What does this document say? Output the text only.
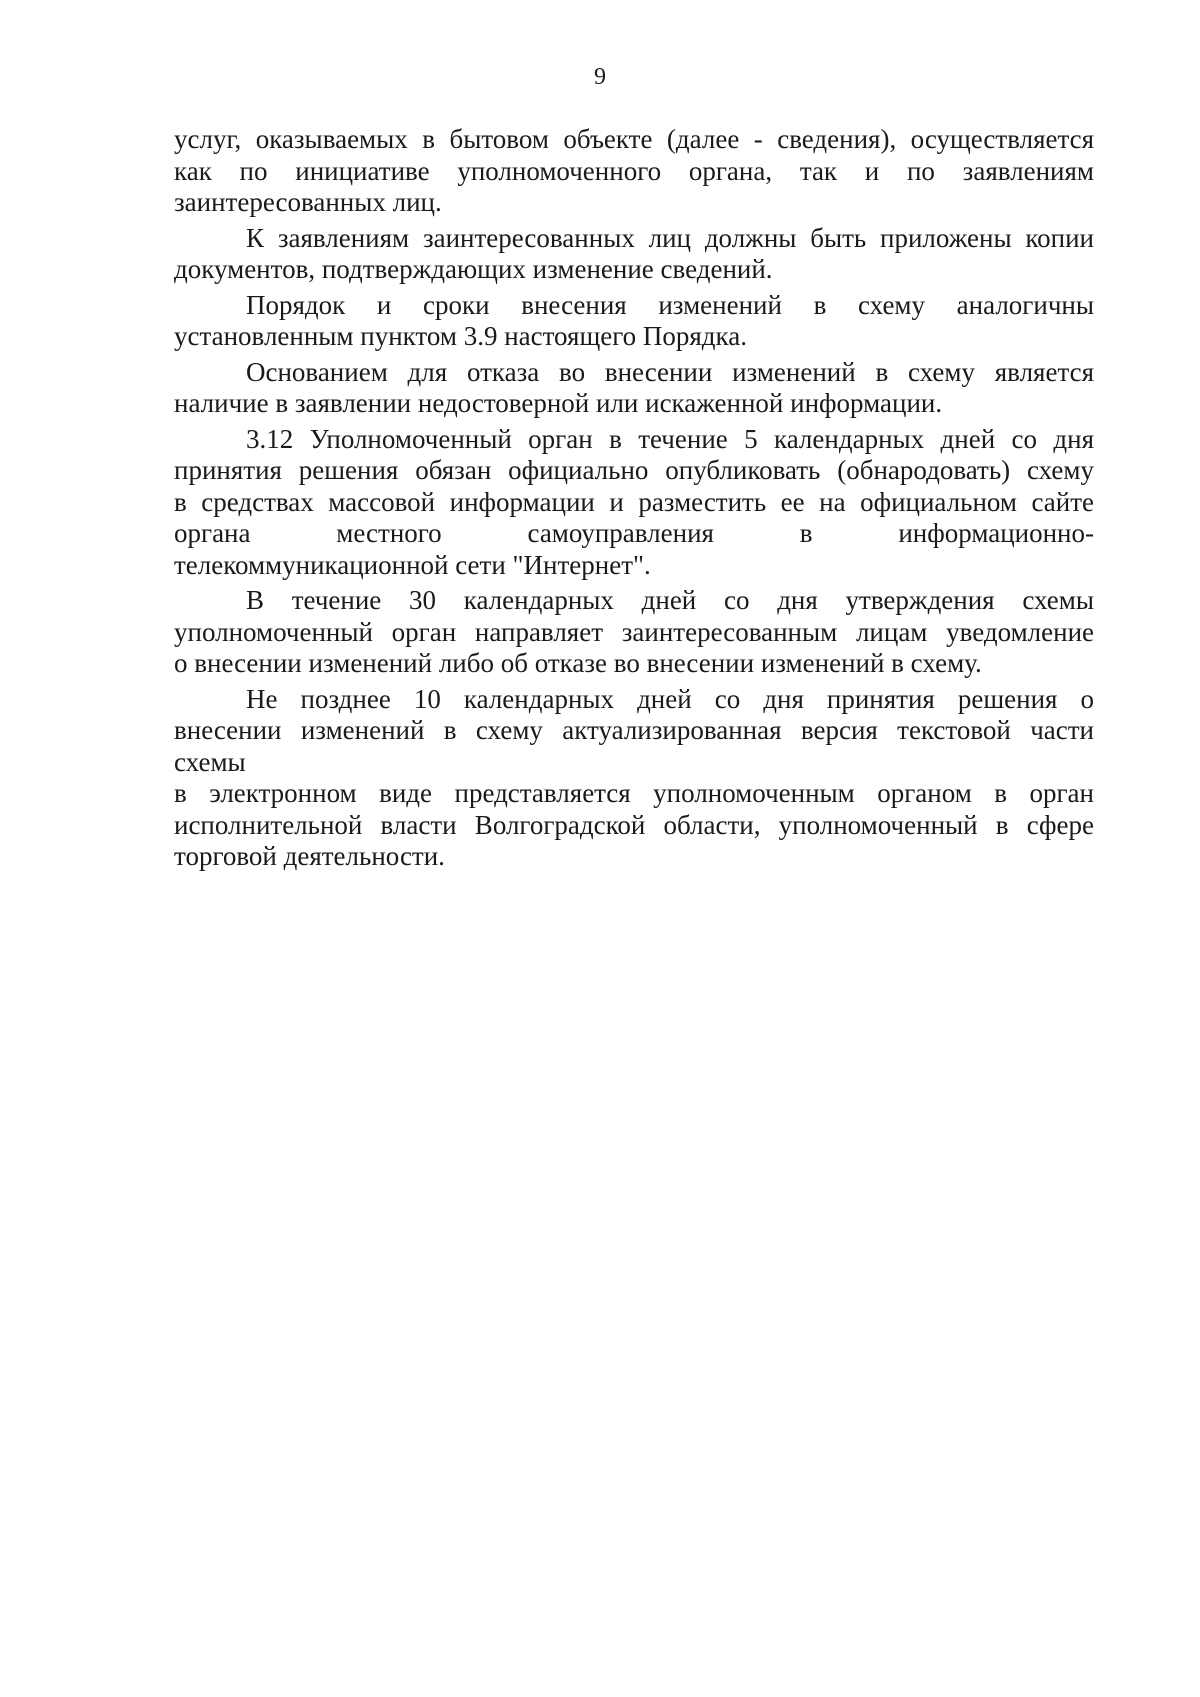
9
услуг, оказываемых в бытовом объекте (далее - сведения), осуществляется
как по инициативе уполномоченного органа, так и по заявлениям
заинтересованных лиц.
К заявлениям заинтересованных лиц должны быть приложены копии
документов, подтверждающих изменение сведений.
Порядок и сроки внесения изменений в схему аналогичны
установленным пунктом 3.9 настоящего Порядка.
Основанием для отказа во внесении изменений в схему является
наличие в заявлении недостоверной или искаженной информации.
3.12 Уполномоченный орган в течение 5 календарных дней со дня
принятия решения обязан официально опубликовать (обнародовать) схему
в средствах массовой информации и разместить ее на официальном сайте
органа местного самоуправления в информационно-
телекоммуникационной сети "Интернет".
В течение 30 календарных дней со дня утверждения схемы
уполномоченный орган направляет заинтересованным лицам уведомление
о внесении изменений либо об отказе во внесении изменений в схему.
Не позднее 10 календарных дней со дня принятия решения о
внесении изменений в схему актуализированная версия текстовой части
схемы
в электронном виде представляется уполномоченным органом в орган
исполнительной власти Волгоградской области, уполномоченный в сфере
торговой деятельности.
